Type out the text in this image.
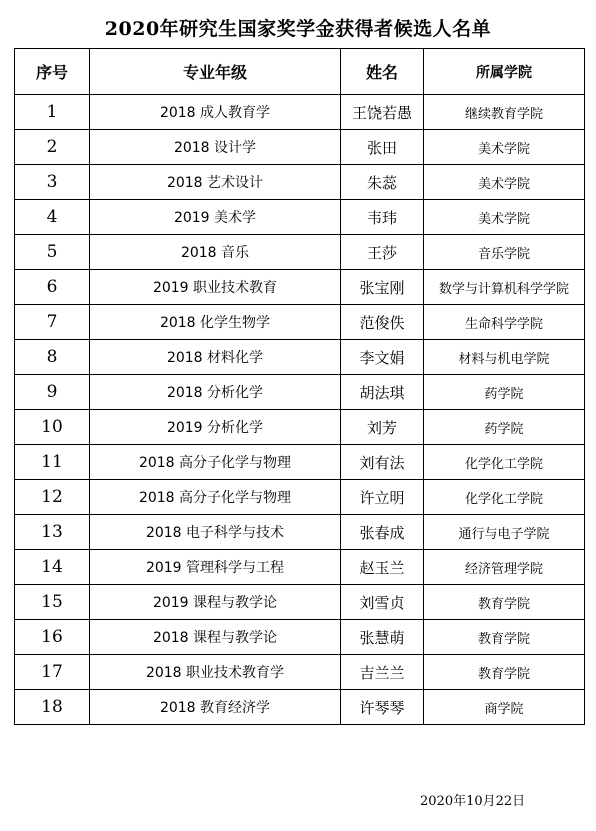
2020年研究生国家奖学金获得者候选人名单
序号	专业年级	姓名	所属学院
1	2018 成人教育学	王饶若愚	继续教育学院
2	2018 设计学	张田	美术学院
3	2018 艺术设计	朱蕊	美术学院
4	2019 美术学	韦玮	美术学院
5	2018 音乐	王莎	音乐学院
6	2019 职业技术教育	张宝刚	数学与计算机科学学院
7	2018 化学生物学	范俊佚	生命科学学院
8	2018 材料化学	李文娟	材料与机电学院
9	2018 分析化学	胡法琪	药学院
10	2019 分析化学	刘芳	药学院
11	2018 高分子化学与物理	刘有法	化学化工学院
12	2018 高分子化学与物理	许立明	化学化工学院
13	2018 电子科学与技术	张春成	通行与电子学院
14	2019 管理科学与工程	赵玉兰	经济管理学院
15	2019 课程与教学论	刘雪贞	教育学院
16	2018 课程与教学论	张慧萌	教育学院
17	2018 职业技术教育学	吉兰兰	教育学院
18	2018 教育经济学	许琴琴	商学院
2020年10月22日
